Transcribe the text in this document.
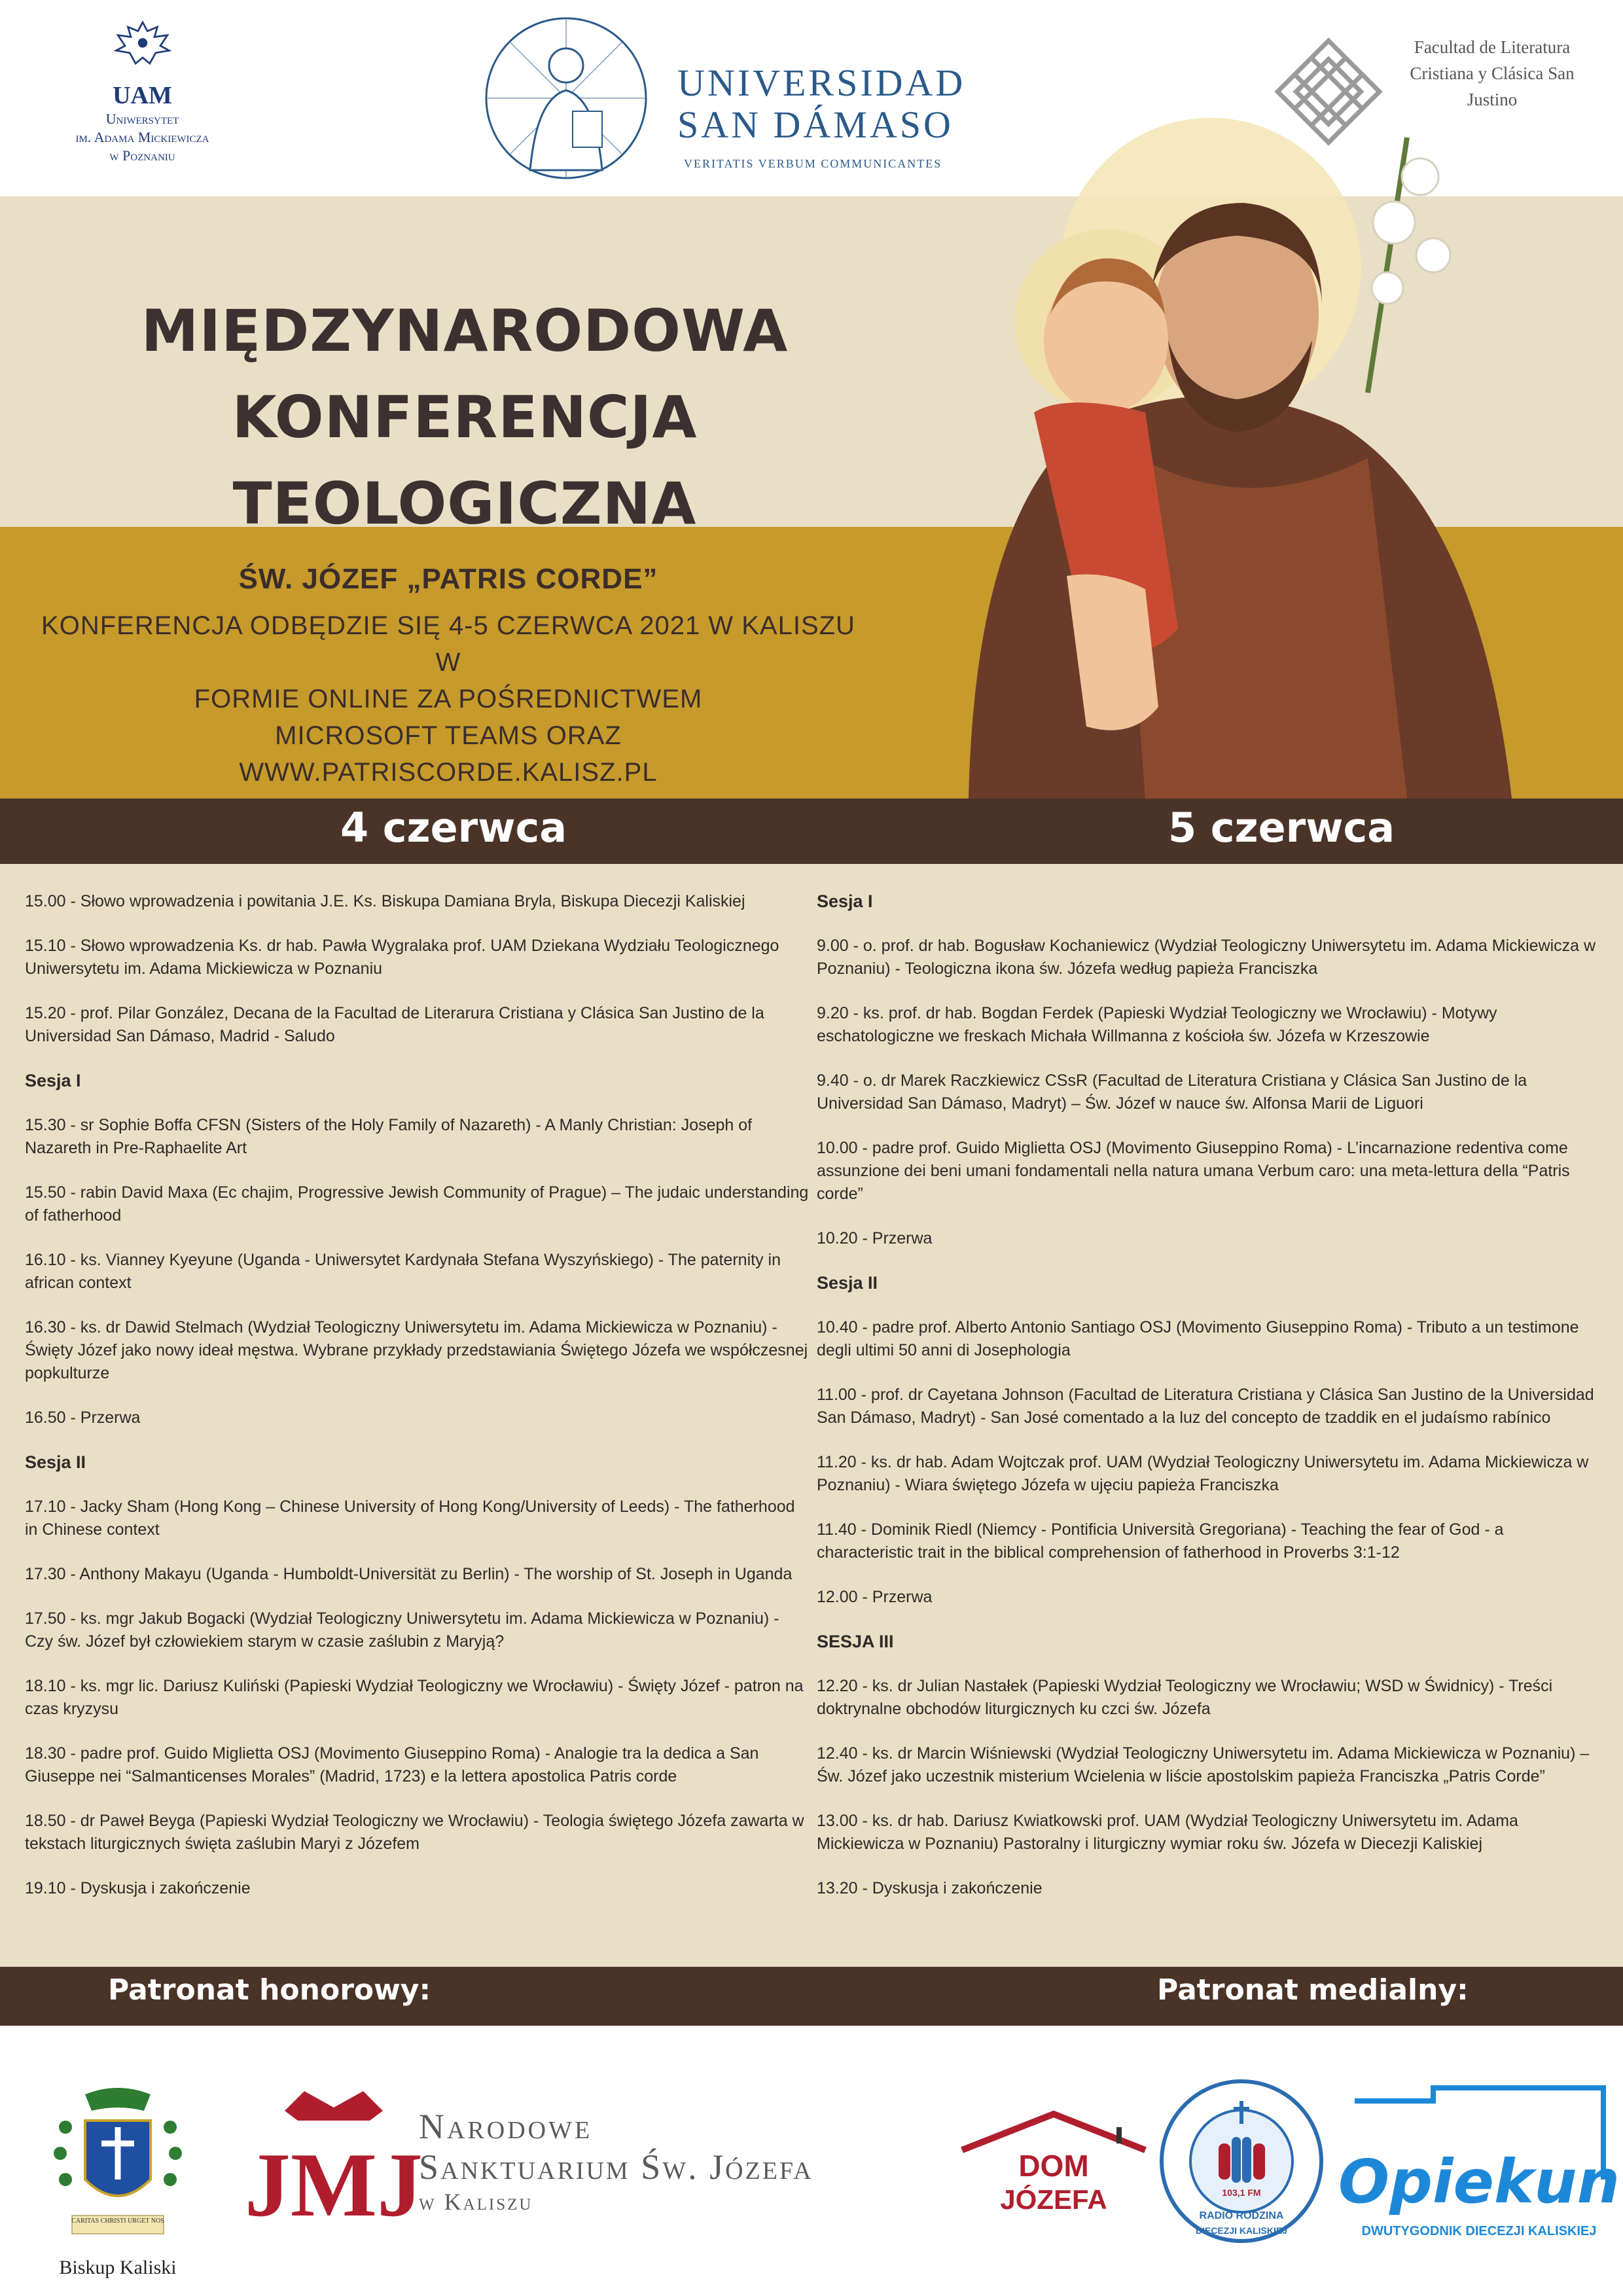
UAM
Uniwersytet
im. Adama Mickiewicza
w Poznaniu
UNIVERSIDAD
SAN DÁMASO
VERITATIS VERBUM COMMUNICANTES
Facultad de Literatura
Cristiana y Clásica San
Justino
MIĘDZYNARODOWA
KONFERENCJA TEOLOGICZNA
ŚW. JÓZEF „PATRIS CORDE”
KONFERENCJA ODBĘDZIE SIĘ 4-5 CZERWCA 2021 W KALISZU W
FORMIE ONLINE ZA POŚREDNICTWEM
MICROSOFT TEAMS ORAZ
WWW.PATRISCORDE.KALISZ.PL
4 czerwca	5 czerwca
15.00 - Słowo wprowadzenia i powitania J.E. Ks. Biskupa Damiana Bryla, Biskupa Diecezji Kaliskiej
15.10 - Słowo wprowadzenia Ks. dr hab. Pawła Wygralaka prof. UAM Dziekana Wydziału Teologicznego Uniwersytetu im. Adama Mickiewicza w Poznaniu
15.20 - prof. Pilar González, Decana de la Facultad de Literarura Cristiana y Clásica San Justino de la Universidad San Dámaso, Madrid - Saludo
Sesja I
15.30 - sr Sophie Boffa CFSN (Sisters of the Holy Family of Nazareth) - A Manly Christian: Joseph of Nazareth in Pre-Raphaelite Art
15.50 - rabin David Maxa (Ec chajim, Progressive Jewish Community of Prague) – The judaic understanding of fatherhood
16.10 - ks. Vianney Kyeyune (Uganda - Uniwersytet Kardynała Stefana Wyszyńskiego) - The paternity in african context
16.30 - ks. dr Dawid Stelmach (Wydział Teologiczny Uniwersytetu im. Adama Mickiewicza w Poznaniu) - Święty Józef jako nowy ideał męstwa. Wybrane przykłady przedstawiania Świętego Józefa we współczesnej popkulturze
16.50 - Przerwa
Sesja II
17.10 - Jacky Sham (Hong Kong – Chinese University of Hong Kong/University of Leeds) - The fatherhood in Chinese context
17.30 - Anthony Makayu (Uganda - Humboldt-Universität zu Berlin) - The worship of St. Joseph in Uganda
17.50 - ks. mgr Jakub Bogacki (Wydział Teologiczny Uniwersytetu im. Adama Mickiewicza w Poznaniu) - Czy św. Józef był człowiekiem starym w czasie zaślubin z Maryją?
18.10 - ks. mgr lic. Dariusz Kuliński (Papieski Wydział Teologiczny we Wrocławiu) - Święty Józef - patron na czas kryzysu
18.30 - padre prof. Guido Miglietta OSJ (Movimento Giuseppino Roma) - Analogie tra la dedica a San Giuseppe nei “Salmanticenses Morales” (Madrid, 1723) e la lettera apostolica Patris corde
18.50 - dr Paweł Beyga (Papieski Wydział Teologiczny we Wrocławiu) - Teologia świętego Józefa zawarta w tekstach liturgicznych święta zaślubin Maryi z Józefem
19.10 - Dyskusja i zakończenie
Sesja I
9.00 - o. prof. dr hab. Bogusław Kochaniewicz (Wydział Teologiczny Uniwersytetu im. Adama Mickiewicza w Poznaniu) - Teologiczna ikona św. Józefa według papieża Franciszka
9.20 - ks. prof. dr hab. Bogdan Ferdek (Papieski Wydział Teologiczny we Wrocławiu) - Motywy eschatologiczne we freskach Michała Willmanna z kościoła św. Józefa w Krzeszowie
9.40 - o. dr Marek Raczkiewicz CSsR (Facultad de Literatura Cristiana y Clásica San Justino de la Universidad San Dámaso, Madryt) – Św. Józef w nauce św. Alfonsa Marii de Liguori
10.00 - padre prof. Guido Miglietta OSJ (Movimento Giuseppino Roma) - L’incarnazione redentiva come assunzione dei beni umani fondamentali nella natura umana Verbum caro: una meta-lettura della “Patris corde”
10.20 - Przerwa
Sesja II
10.40 - padre prof. Alberto Antonio Santiago OSJ (Movimento Giuseppino Roma) - Tributo a un testimone degli ultimi 50 anni di Josephologia
11.00 - prof. dr Cayetana Johnson (Facultad de Literatura Cristiana y Clásica San Justino de la Universidad San Dámaso, Madryt) - San José comentado a la luz del concepto de tzaddik en el judaísmo rabínico
11.20 - ks. dr hab. Adam Wojtczak prof. UAM (Wydział Teologiczny Uniwersytetu im. Adama Mickiewicza w Poznaniu) - Wiara świętego Józefa w ujęciu papieża Franciszka
11.40 - Dominik Riedl (Niemcy - Pontificia Università Gregoriana) - Teaching the fear of God - a characteristic trait in the biblical comprehension of fatherhood in Proverbs 3:1-12
12.00 - Przerwa
SESJA III
12.20 - ks. dr Julian Nastałek (Papieski Wydział Teologiczny we Wrocławiu; WSD w Świdnicy) - Treści doktrynalne obchodów liturgicznych ku czci św. Józefa
12.40 - ks. dr Marcin Wiśniewski (Wydział Teologiczny Uniwersytetu im. Adama Mickiewicza w Poznaniu) – Św. Józef jako uczestnik misterium Wcielenia w liście apostolskim papieża Franciszka „Patris Corde”
13.00 - ks. dr hab. Dariusz Kwiatkowski prof. UAM (Wydział Teologiczny Uniwersytetu im. Adama Mickiewicza w Poznaniu) Pastoralny i liturgiczny wymiar roku św. Józefa w Diecezji Kaliskiej
13.20 - Dyskusja i zakończenie
Patronat honorowy:	Patronat medialny:
CARITAS CHRISTI URGET NOS
Biskup Kaliski
JMJ
Narodowe
Sanktuarium Św. Józefa
w Kaliszu
DOM
JÓZEFA	103,1 FM
RADIO RODZINA
DIECEZJI KALISKIEJ
Opiekun
DWUTYGODNIK DIECEZJI KALISKIEJ
